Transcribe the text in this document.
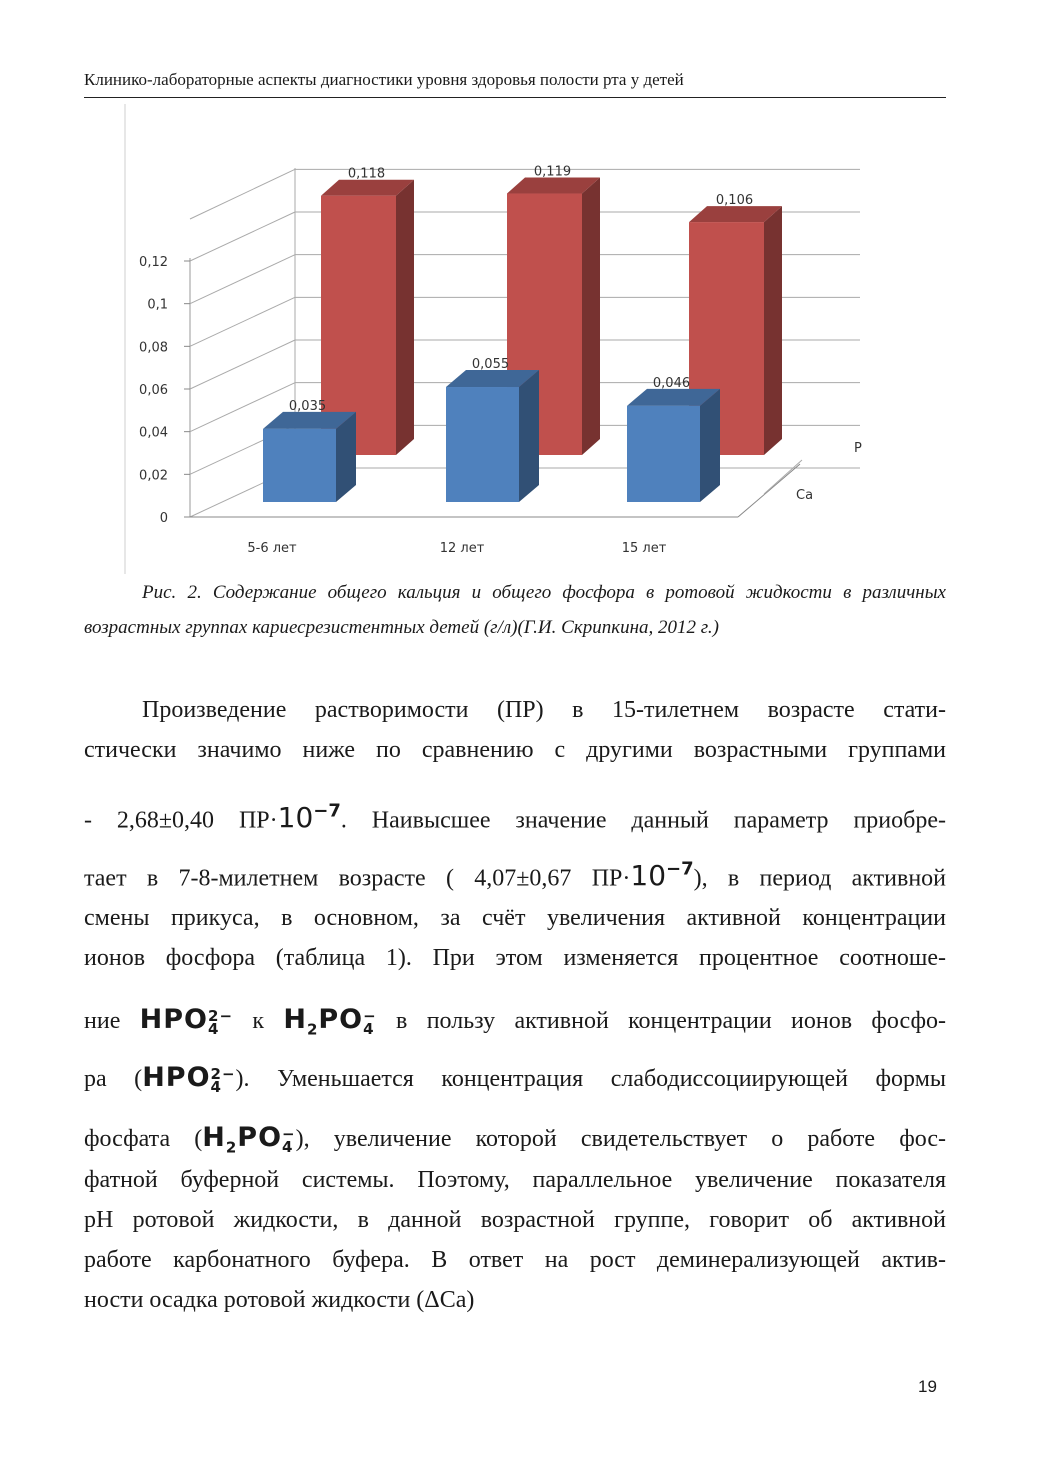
Клинико-лабораторные аспекты диагностики уровня здоровья полости рта у детей
0
0,02
0,04
0,06
0,08
0,1
0,12
5-6 лет	12 лет	15 лет
Ca
P
0,118	0,119
0,106
0,035
0,055
0,046
Рис. 2. Содержание общего кальция и общего фосфора в ротовой жидкости в различных возрастных группах кариесрезистентных детей (г/л)(Г.И. Скрипкина, 2012 г.)
Произведение растворимости (ПР) в 15-тилетнем возрасте стати-
стически значимо ниже по сравнению с другими возрастными группами
- 2,68±0,40 $ПР\cdot 10^{-7}$. Наивысшее значение данный параметр приобре-
тает в 7-8-милетнем возрасте ( 4,07±0,67 $ПР\cdot 10^{-7}$), в период активной
смены прикуса, в основном, за счёт увеличения активной концентрации
ионов фосфора (таблица 1). При этом изменяется процентное соотноше-
ние HPO 2−
4 к $H_2PO$ −
4 в пользу активной концентрации ионов фосфо-
ра (HPO 2−
4 ). Уменьшается концентрация слабодиссоциирующей формы
фосфата ($H_2PO$ −
4 ), увеличение которой свидетельствует о работе фос-
фатной буферной системы. Поэтому, параллельное увеличение показателя
pH ротовой жидкости, в данной возрастной группе, говорит об активной
работе карбонатного буфера. В ответ на рост деминерализующей актив-
ности осадка ротовой жидкости (ΔCa)
19
